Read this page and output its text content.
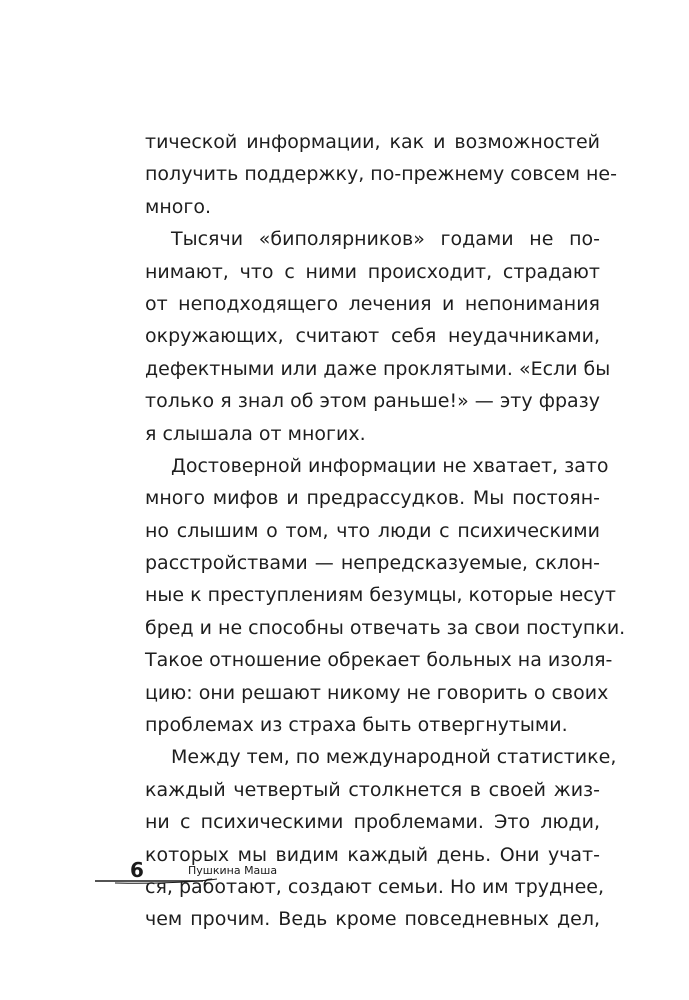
тической информации, как и возможностей
получить поддержку, по-прежнему совсем не-
много.
Тысячи «биполярников» годами не по-
нимают, что с ними происходит, страдают
от неподходящего лечения и непонимания
окружающих, считают себя неудачниками,
дефектными или даже проклятыми. «Если бы
только я знал об этом раньше!» — эту фразу
я слышала от многих.
Достоверной информации не хватает, зато
много мифов и предрассудков. Мы постоян-
но слышим о том, что люди с психическими
расстройствами — непредсказуемые, склон-
ные к преступлениям безумцы, которые несут
бред и не способны отвечать за свои поступки.
Такое отношение обрекает больных на изоля-
цию: они решают никому не говорить о своих
проблемах из страха быть отвергнутыми.
Между тем, по международной статистике,
каждый четвертый столкнется в своей жиз-
ни с психическими проблемами. Это люди,
которых мы видим каждый день. Они учат-
ся, работают, создают семьи. Но им труднее,
чем прочим. Ведь кроме повседневных дел,
6	Пушкина Маша
